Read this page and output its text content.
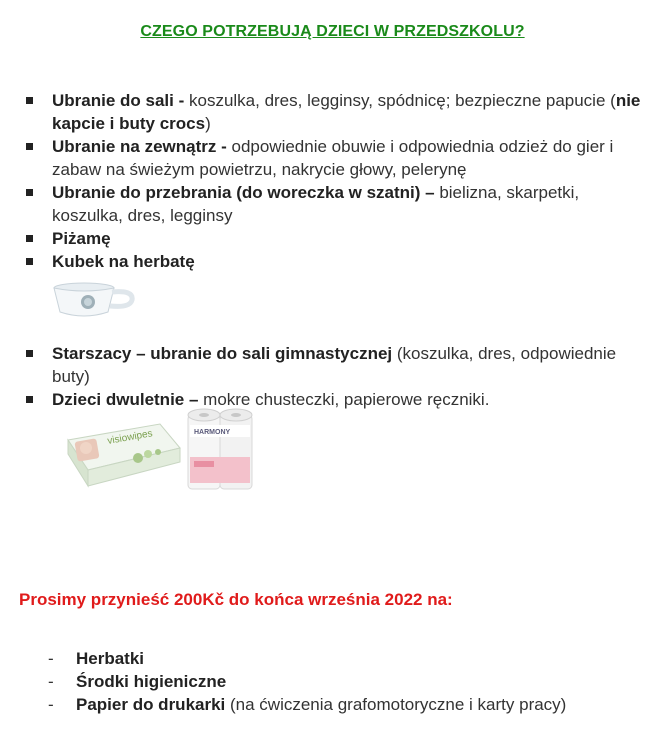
CZEGO POTRZEBUJĄ DZIECI W PRZEDSZKOLU?
Ubranie do sali - koszulka, dres, legginsy, spódnicę; bezpieczne papucie (nie kapcie i buty crocs)
Ubranie na zewnątrz - odpowiednie obuwie i odpowiednia odzież do gier i zabaw na świeżym powietrzu, nakrycie głowy, pelerynę
Ubranie do przebrania (do woreczka w szatni) – bielizna, skarpetki, koszulka, dres, legginsy
Piżamę
Kubek na herbatę
Starszacy – ubranie do sali gimnastycznej (koszulka, dres, odpowiednie buty)
Dzieci dwuletnie – mokre chusteczki, papierowe ręczniki.
visiowipes	HARMONY
Prosimy przynieść 200Kč do końca września 2022 na:
- Herbatki
- Środki higieniczne
- Papier do drukarki (na ćwiczenia grafomotoryczne i karty pracy)
